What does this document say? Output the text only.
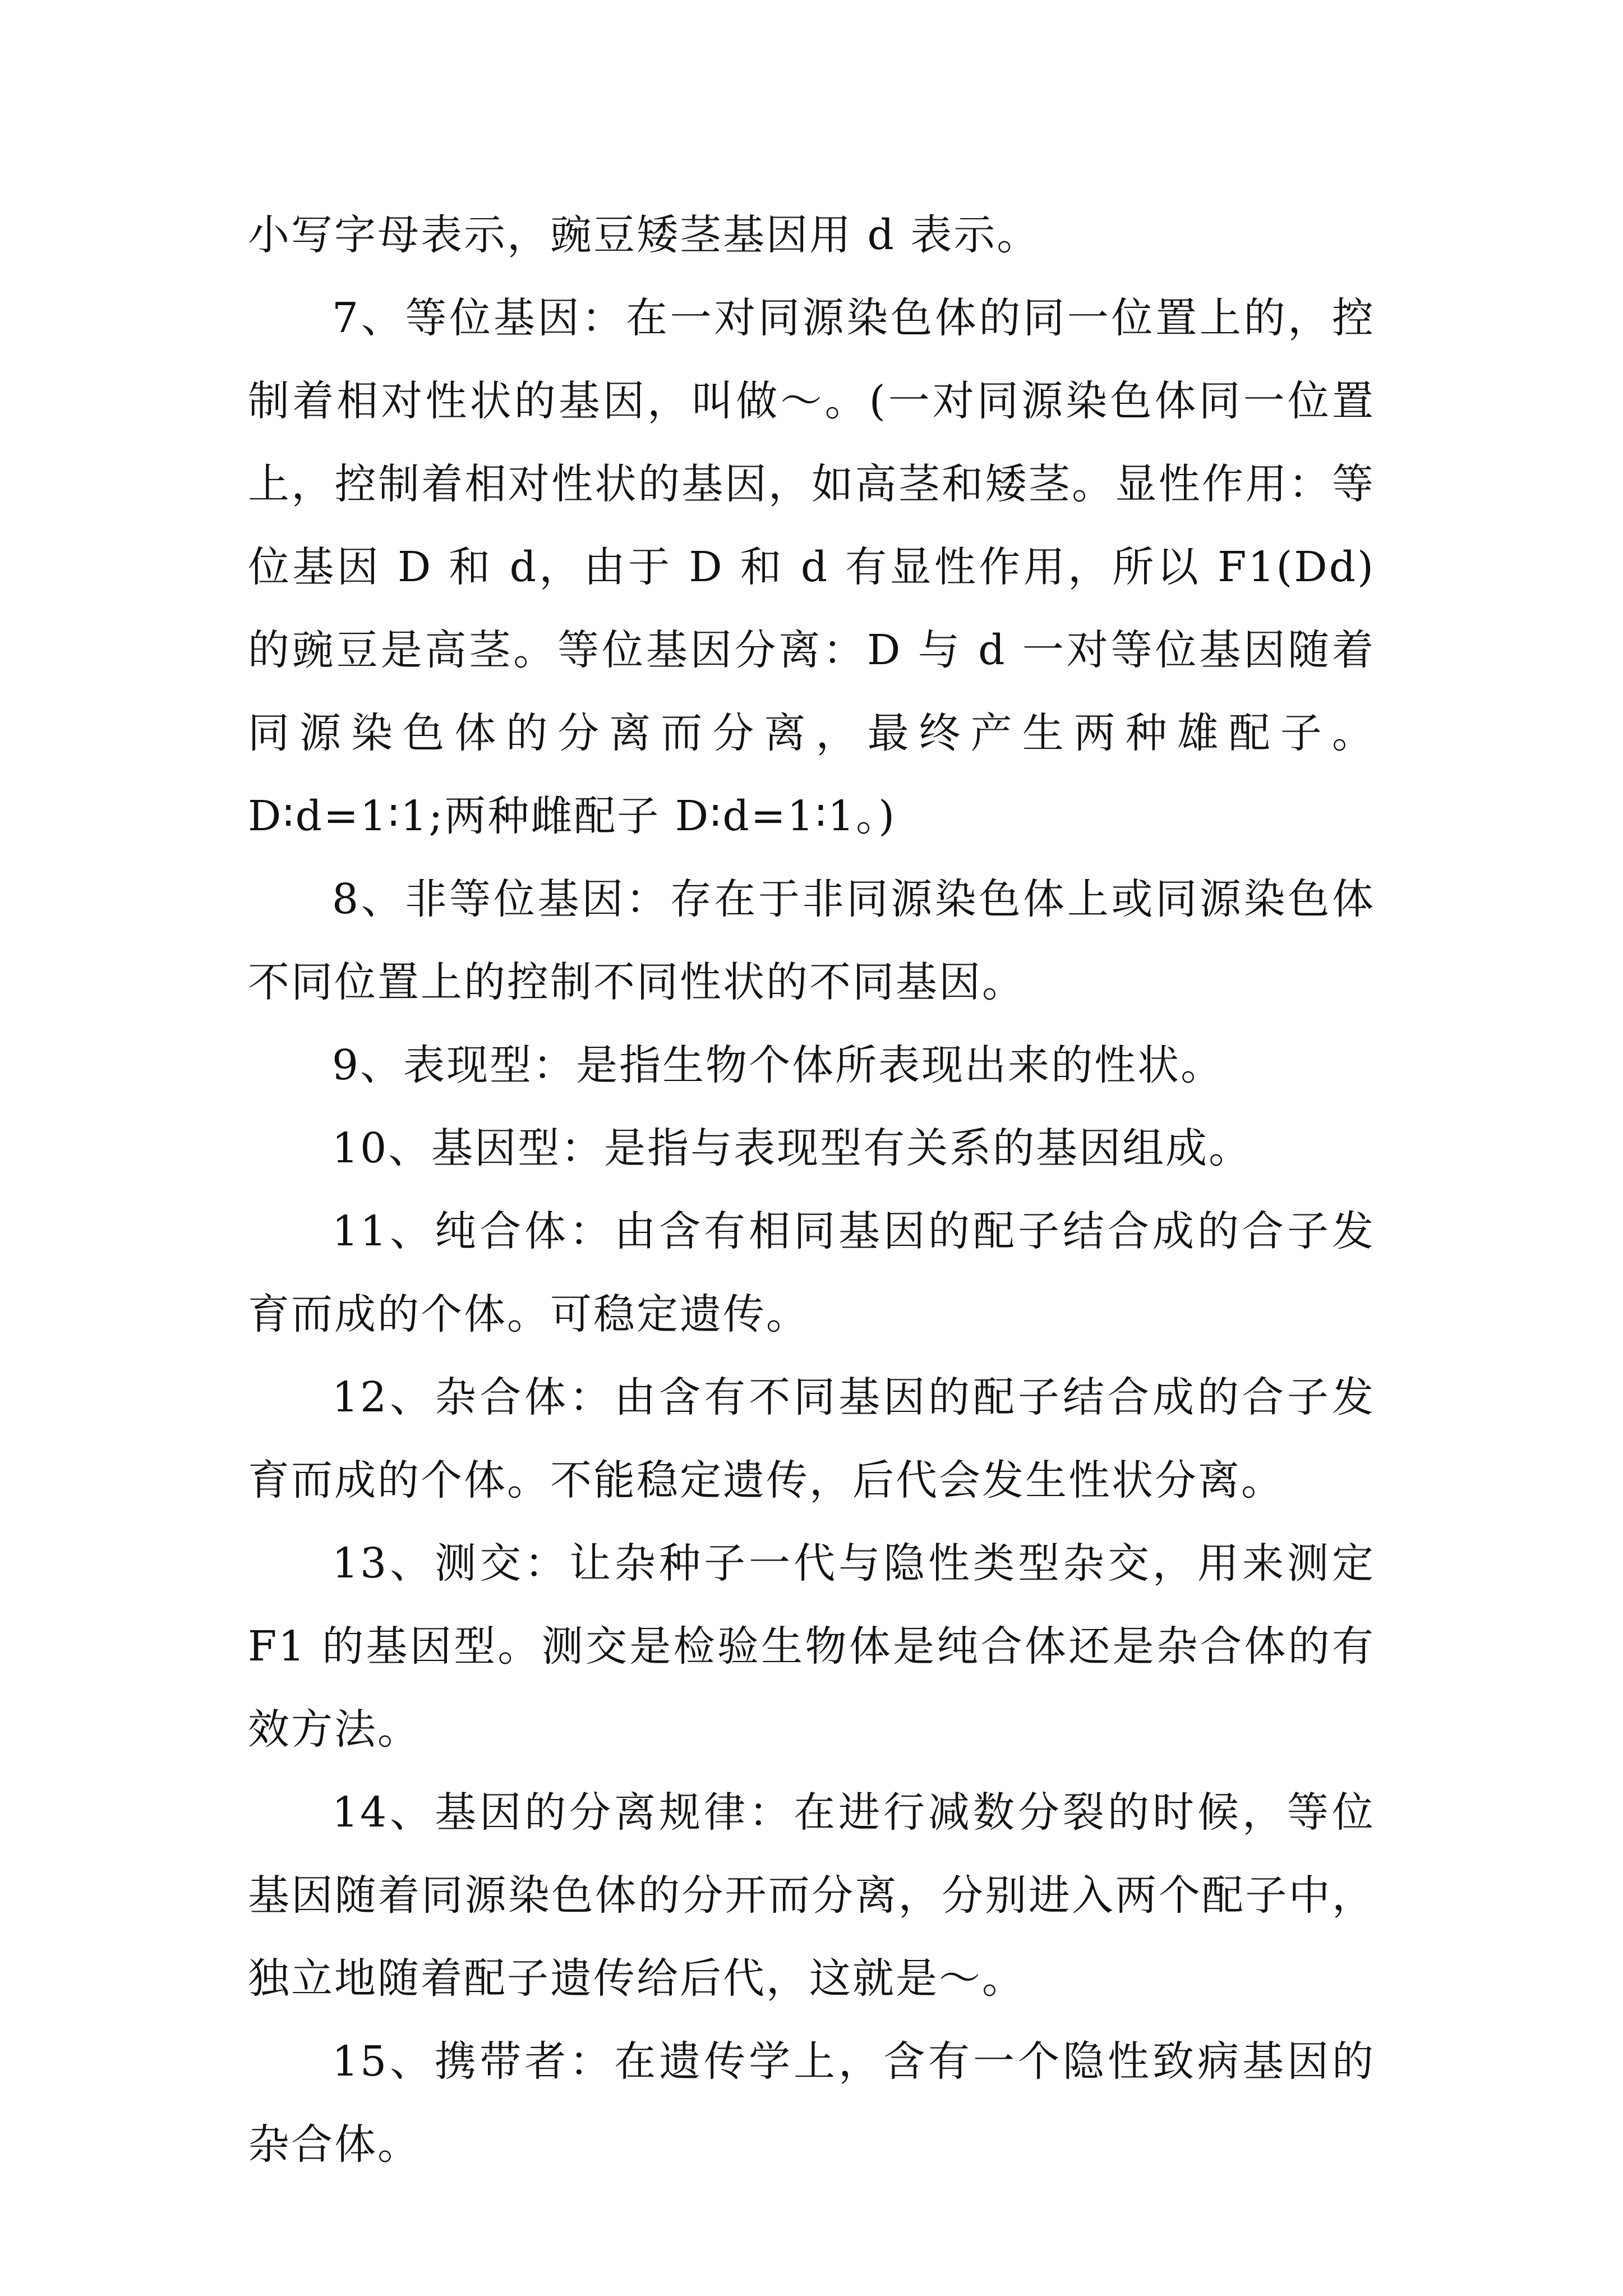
小写字母表示，豌豆矮茎基因用 d 表示。

7、等位基因：在一对同源染色体的同一位置上的，控制着相对性状的基因，叫做～。(一对同源染色体同一位置上，控制着相对性状的基因，如高茎和矮茎。显性作用：等位基因 D 和 d，由于 D 和 d 有显性作用，所以 F1(Dd)的豌豆是高茎。等位基因分离：D 与 d 一对等位基因随着同源染色体的分离而分离，最终产生两种雄配子。D∶d=1∶1;两种雌配子 D∶d=1∶1。)

8、非等位基因：存在于非同源染色体上或同源染色体不同位置上的控制不同性状的不同基因。

9、表现型：是指生物个体所表现出来的性状。

10、基因型：是指与表现型有关系的基因组成。

11、纯合体：由含有相同基因的配子结合成的合子发育而成的个体。可稳定遗传。

12、杂合体：由含有不同基因的配子结合成的合子发育而成的个体。不能稳定遗传，后代会发生性状分离。

13、测交：让杂种子一代与隐性类型杂交，用来测定 F1 的基因型。测交是检验生物体是纯合体还是杂合体的有效方法。

14、基因的分离规律：在进行减数分裂的时候，等位基因随着同源染色体的分开而分离，分别进入两个配子中，独立地随着配子遗传给后代，这就是～。

15、携带者：在遗传学上，含有一个隐性致病基因的杂合体。
